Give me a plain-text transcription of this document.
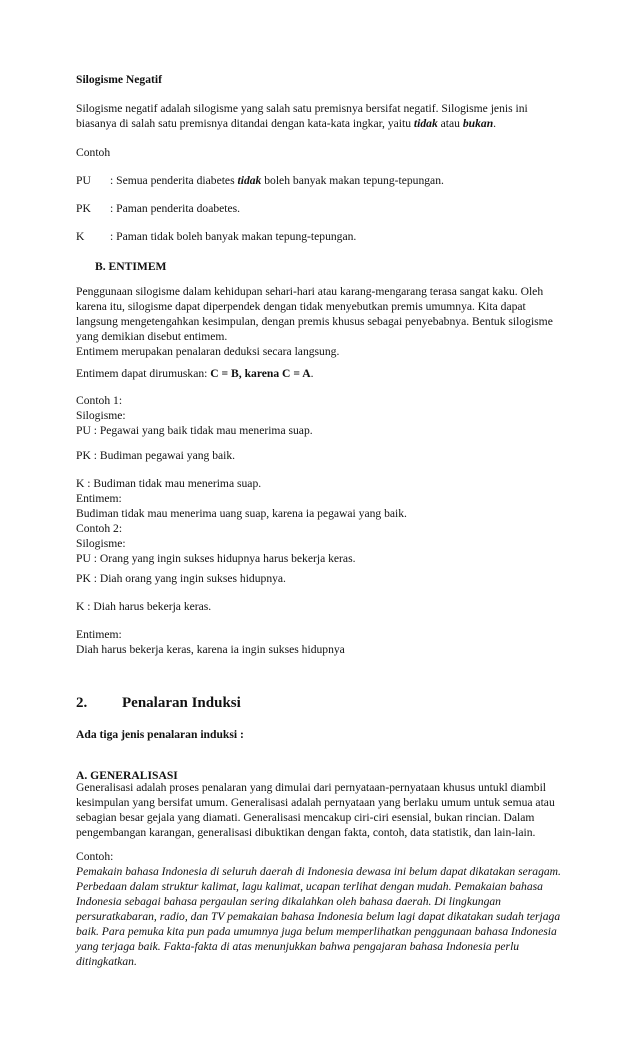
Silogisme Negatif
Silogisme negatif adalah silogisme yang salah satu premisnya bersifat negatif. Silogisme jenis ini
biasanya di salah satu premisnya ditandai dengan kata-kata ingkar, yaitu tidak atau bukan.
Contoh
PU : Semua penderita diabetes tidak boleh banyak makan tepung-tepungan.
PK : Paman penderita doabetes.
K : Paman tidak boleh banyak makan tepung-tepungan.
B. ENTIMEM
Penggunaan silogisme dalam kehidupan sehari-hari atau karang-mengarang terasa sangat kaku. Oleh
karena itu, silogisme dapat diperpendek dengan tidak menyebutkan premis umumnya. Kita dapat
langsung mengetengahkan kesimpulan, dengan premis khusus sebagai penyebabnya. Bentuk silogisme
yang demikian disebut entimem.
Entimem merupakan penalaran deduksi secara langsung.
Entimem dapat dirumuskan: C = B, karena C = A.
Contoh 1:
Silogisme:
PU : Pegawai yang baik tidak mau menerima suap.
PK : Budiman pegawai yang baik.
K : Budiman tidak mau menerima suap.
Entimem:
Budiman tidak mau menerima uang suap, karena ia pegawai yang baik.
Contoh 2:
Silogisme:
PU : Orang yang ingin sukses hidupnya harus bekerja keras.
PK : Diah orang yang ingin sukses hidupnya.
K : Diah harus bekerja keras.
Entimem:
Diah harus bekerja keras, karena ia ingin sukses hidupnya
2. Penalaran Induksi
Ada tiga jenis penalaran induksi :
A. GENERALISASI
Generalisasi adalah proses penalaran yang dimulai dari pernyataan-pernyataan khusus untukl diambil
kesimpulan yang bersifat umum. Generalisasi adalah pernyataan yang berlaku umum untuk semua atau
sebagian besar gejala yang diamati. Generalisasi mencakup ciri-ciri esensial, bukan rincian. Dalam
pengembangan karangan, generalisasi dibuktikan dengan fakta, contoh, data statistik, dan lain-lain.
Contoh:
Pemakain bahasa Indonesia di seluruh daerah di Indonesia dewasa ini belum dapat dikatakan seragam.
Perbedaan dalam struktur kalimat, lagu kalimat, ucapan terlihat dengan mudah. Pemakaian bahasa
Indonesia sebagai bahasa pergaulan sering dikalahkan oleh bahasa daerah. Di lingkungan
persuratkabaran, radio, dan TV pemakaian bahasa Indonesia belum lagi dapat dikatakan sudah terjaga
baik. Para pemuka kita pun pada umumnya juga belum memperlihatkan penggunaan bahasa Indonesia
yang terjaga baik. Fakta-fakta di atas menunjukkan bahwa pengajaran bahasa Indonesia perlu
ditingkatkan.
